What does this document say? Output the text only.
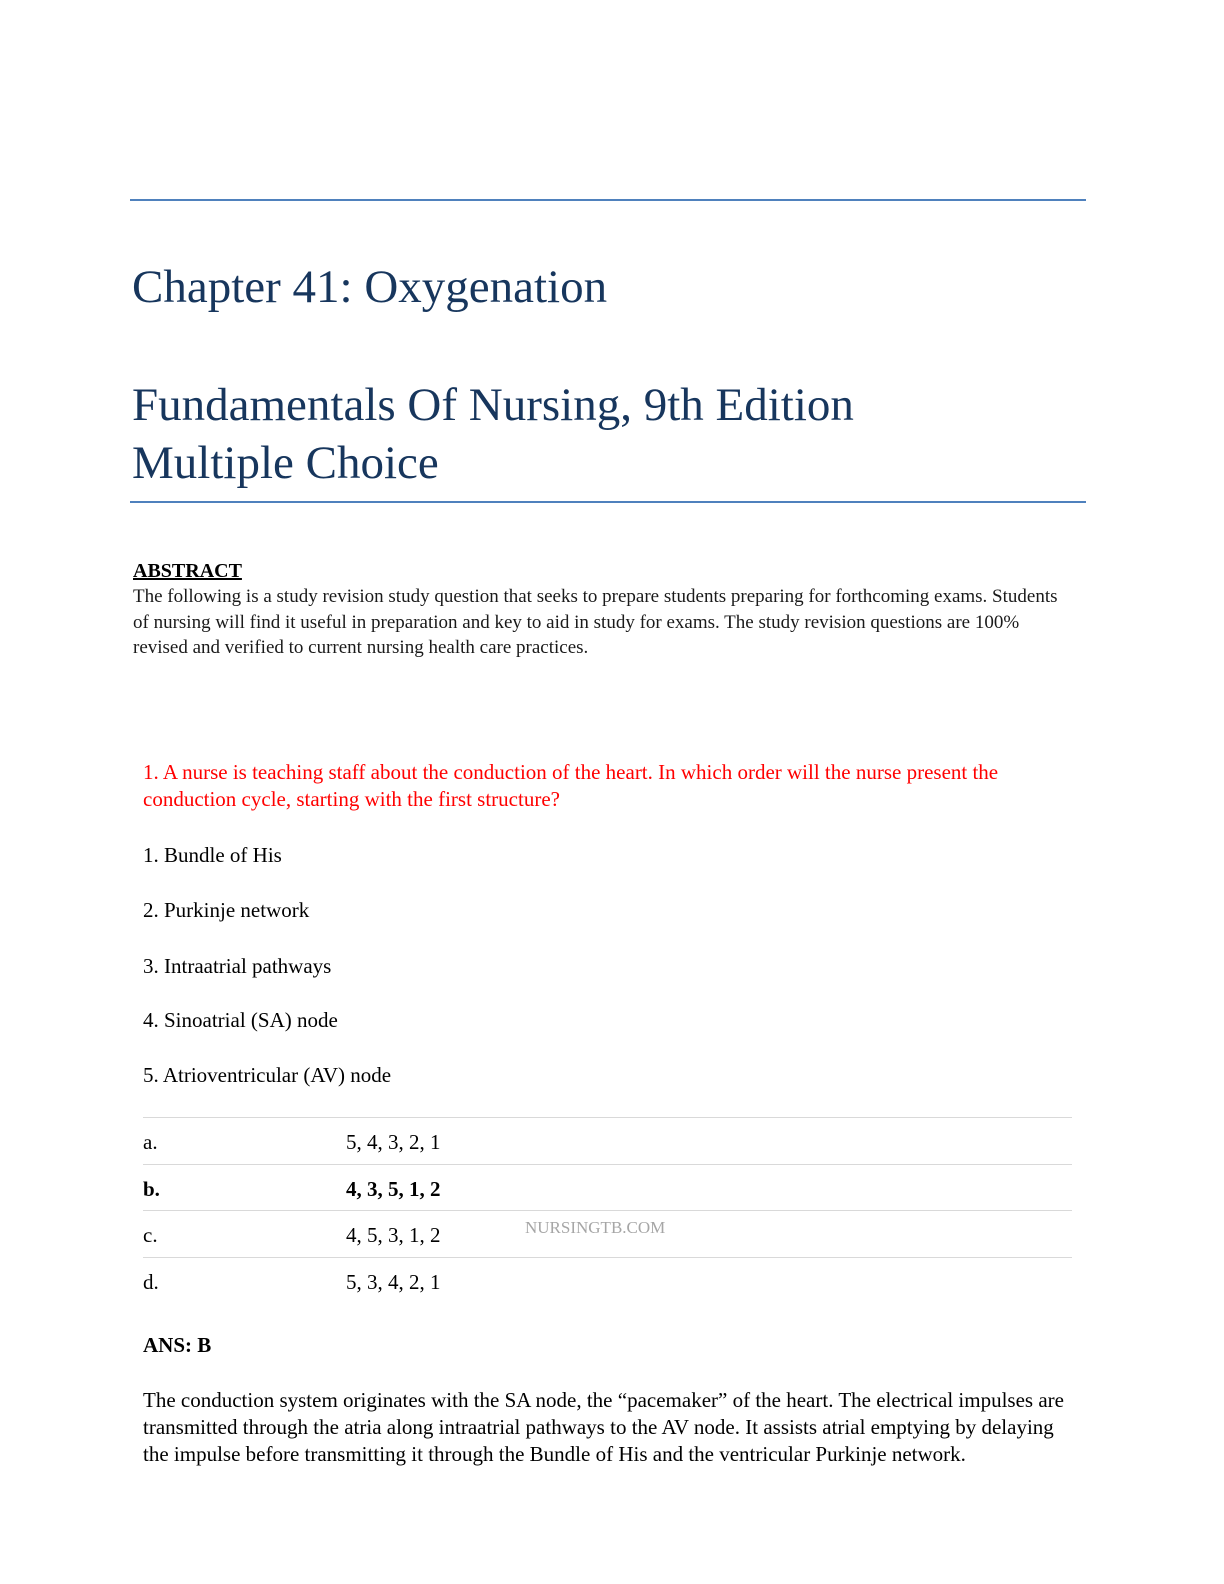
Chapter 41: Oxygenation
Fundamentals Of Nursing, 9th Edition
Multiple Choice
ABSTRACT

The following is a study revision study question that seeks to prepare students preparing for forthcoming exams. Students of nursing will find it useful in preparation and key to aid in study for exams. The study revision questions are 100% revised and verified to current nursing health care practices.

1. A nurse is teaching staff about the conduction of the heart. In which order will the nurse present the conduction cycle, starting with the first structure?

1. Bundle of His
2. Purkinje network
3. Intraatrial pathways
4. Sinoatrial (SA) node
5. Atrioventricular (AV) node
a.	5, 4, 3, 2, 1
b.	4, 3, 5, 1, 2
c.	4, 5, 3, 1, 2
d.	5, 3, 4, 2, 1
NURSINGTB.COM
ANS: B

The conduction system originates with the SA node, the “pacemaker” of the heart. The electrical impulses are transmitted through the atria along intraatrial pathways to the AV node. It assists atrial emptying by delaying the impulse before transmitting it through the Bundle of His and the ventricular Purkinje network.
